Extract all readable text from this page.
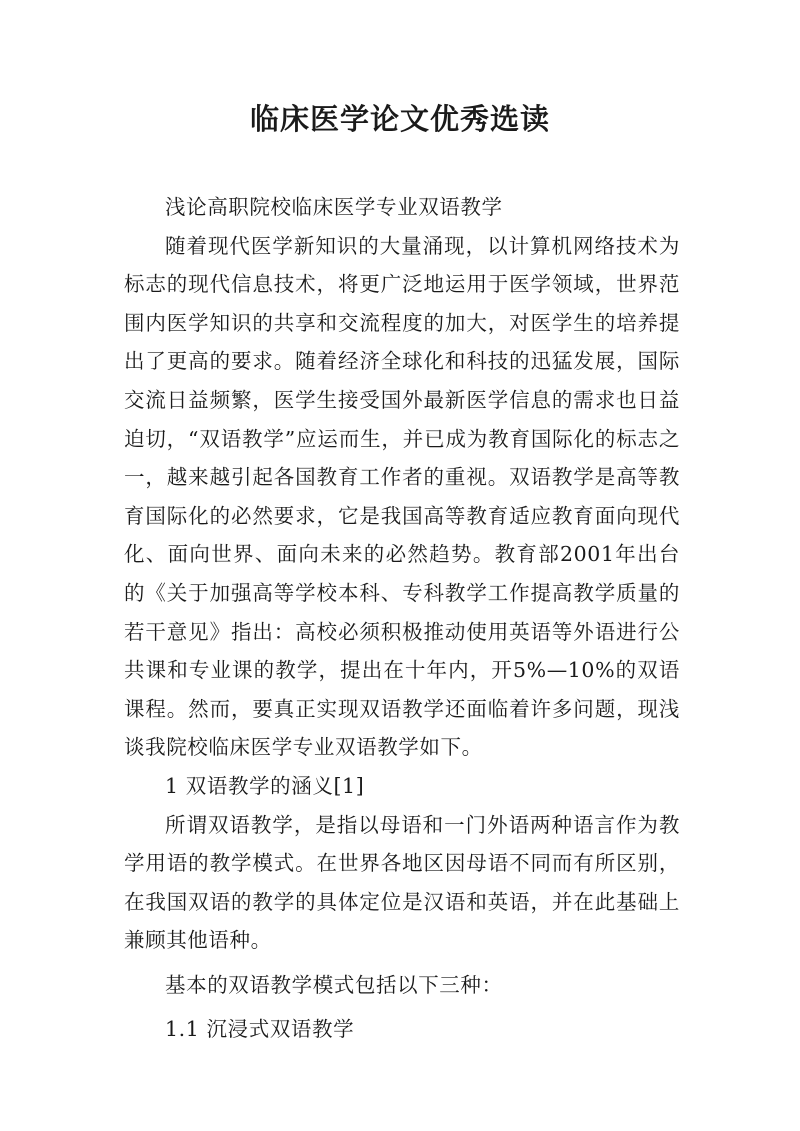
临床医学论文优秀选读

浅论高职院校临床医学专业双语教学

随着现代医学新知识的大量涌现，以计算机网络技术为标志的现代信息技术，将更广泛地运用于医学领域，世界范围内医学知识的共享和交流程度的加大，对医学生的培养提出了更高的要求。随着经济全球化和科技的迅猛发展，国际交流日益频繁，医学生接受国外最新医学信息的需求也日益迫切，“双语教学”应运而生，并已成为教育国际化的标志之一，越来越引起各国教育工作者的重视。双语教学是高等教育国际化的必然要求，它是我国高等教育适应教育面向现代化、面向世界、面向未来的必然趋势。教育部2001年出台的《关于加强高等学校本科、专科教学工作提高教学质量的若干意见》指出：高校必须积极推动使用英语等外语进行公共课和专业课的教学，提出在十年内，开5%—10%的双语课程。然而，要真正实现双语教学还面临着许多问题，现浅谈我院校临床医学专业双语教学如下。

1 双语教学的涵义[1]

所谓双语教学，是指以母语和一门外语两种语言作为教学用语的教学模式。在世界各地区因母语不同而有所区别，在我国双语的教学的具体定位是汉语和英语，并在此基础上兼顾其他语种。

基本的双语教学模式包括以下三种：

1.1 沉浸式双语教学
